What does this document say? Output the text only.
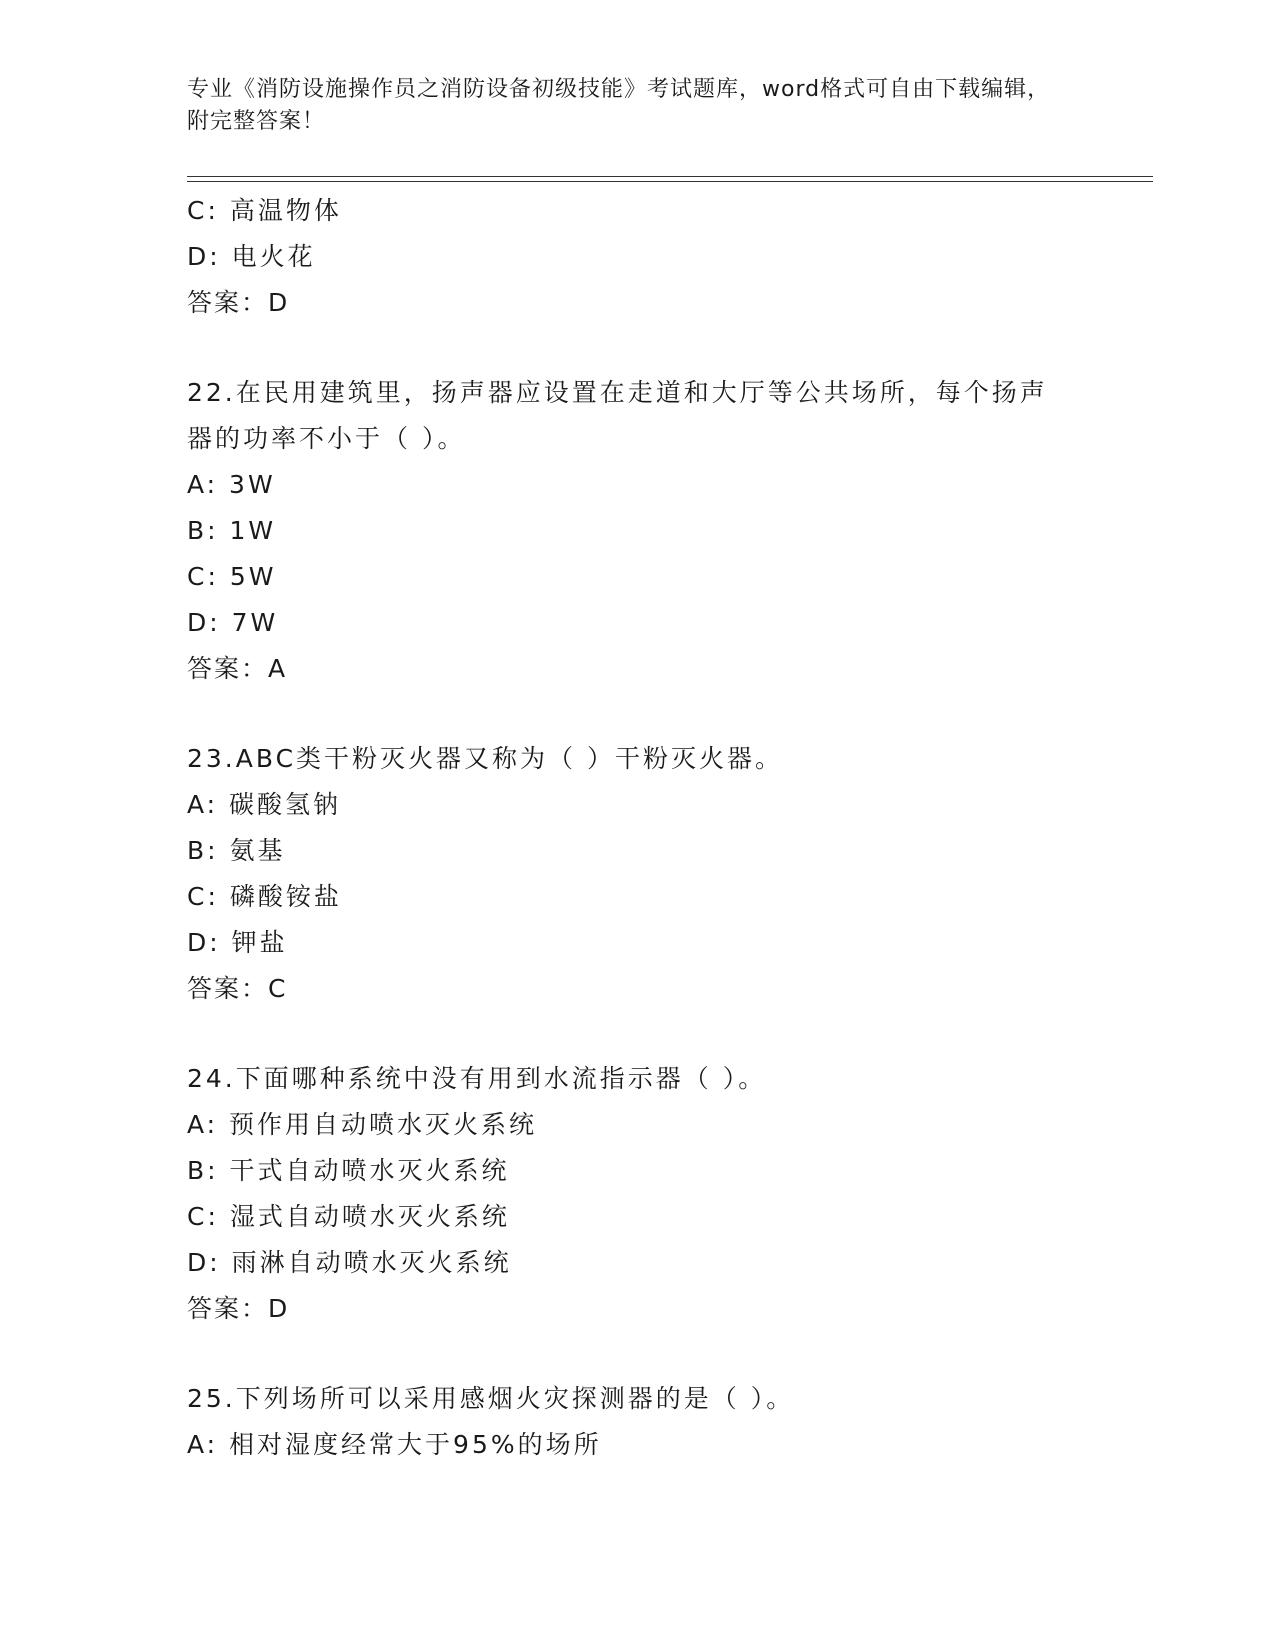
专业《消防设施操作员之消防设备初级技能》考试题库，word格式可自由下载编辑，附完整答案！
C: 高温物体
D: 电火花
答案：D
22.在民用建筑里，扬声器应设置在走道和大厅等公共场所，每个扬声
器的功率不小于（ ）。
A: 3W
B: 1W
C: 5W
D: 7W
答案：A
23.ABC类干粉灭火器又称为（ ）干粉灭火器。
A: 碳酸氢钠
B: 氨基
C: 磷酸铵盐
D: 钾盐
答案：C
24.下面哪种系统中没有用到水流指示器（ ）。
A: 预作用自动喷水灭火系统
B: 干式自动喷水灭火系统
C: 湿式自动喷水灭火系统
D: 雨淋自动喷水灭火系统
答案：D
25.下列场所可以采用感烟火灾探测器的是（ ）。
A: 相对湿度经常大于95%的场所
